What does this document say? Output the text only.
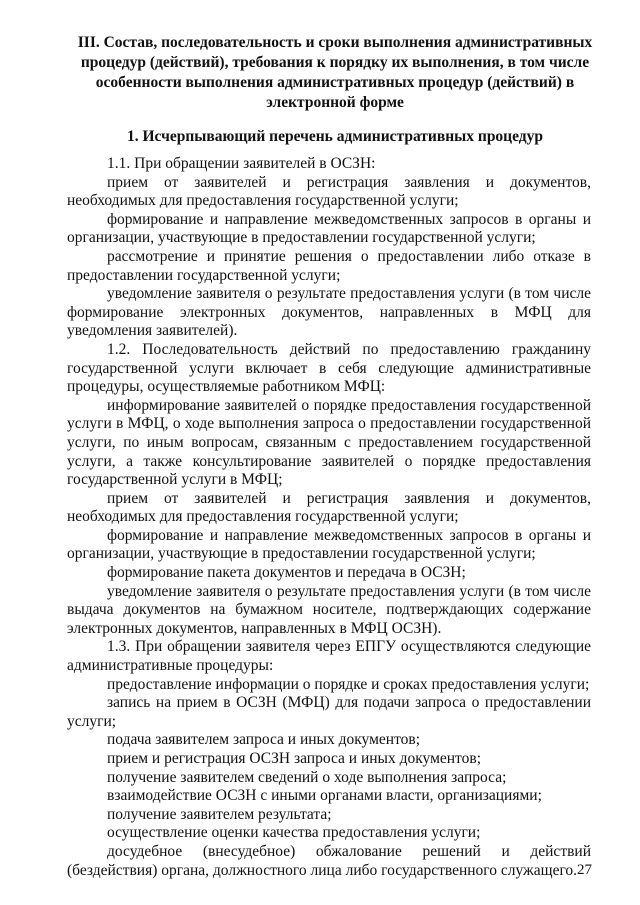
III. Состав, последовательность и сроки выполнения административных
процедур (действий), требования к порядку их выполнения, в том числе
особенности выполнения административных процедур (действий) в
электронной форме
1. Исчерпывающий перечень административных процедур

1.1. При обращении заявителей в ОСЗН:

прием от заявителей и регистрация заявления и документов, необходимых для предоставления государственной услуги;

формирование и направление межведомственных запросов в органы и организации, участвующие в предоставлении государственной услуги;

рассмотрение и принятие решения о предоставлении либо отказе в предоставлении государственной услуги;

уведомление заявителя о результате предоставления услуги (в том числе формирование электронных документов, направленных в МФЦ для уведомления заявителей).

1.2. Последовательность действий по предоставлению гражданину государственной услуги включает в себя следующие административные процедуры, осуществляемые работником МФЦ:

информирование заявителей о порядке предоставления государственной услуги в МФЦ, о ходе выполнения запроса о предоставлении государственной услуги, по иным вопросам, связанным с предоставлением государственной услуги, а также консультирование заявителей о порядке предоставления государственной услуги в МФЦ;

прием от заявителей и регистрация заявления и документов, необходимых для предоставления государственной услуги;

формирование и направление межведомственных запросов в органы и организации, участвующие в предоставлении государственной услуги;

формирование пакета документов и передача в ОСЗН;

уведомление заявителя о результате предоставления услуги (в том числе выдача документов на бумажном носителе, подтверждающих содержание электронных документов, направленных в МФЦ ОСЗН).

1.3. При обращении заявителя через ЕПГУ осуществляются следующие административные процедуры:

предоставление информации о порядке и сроках предоставления услуги;

запись на прием в ОСЗН (МФЦ) для подачи запроса о предоставлении услуги;

подача заявителем запроса и иных документов;

прием и регистрация ОСЗН запроса и иных документов;

получение заявителем сведений о ходе выполнения запроса;

взаимодействие ОСЗН с иными органами власти, организациями;

получение заявителем результата;

осуществление оценки качества предоставления услуги;

досудебное (внесудебное) обжалование решений и действий (бездействия) органа, должностного лица либо государственного служащего. 27
